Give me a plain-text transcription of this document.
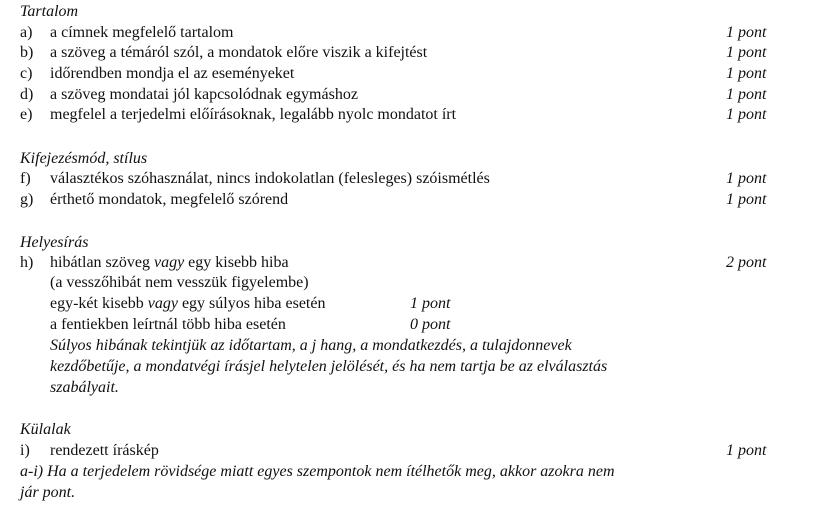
Tartalom
a) a címnek megfelelő tartalom	1 pont
b) a szöveg a témáról szól, a mondatok előre viszik a kifejtést	1 pont
c) időrendben mondja el az eseményeket	1 pont
d) a szöveg mondatai jól kapcsolódnak egymáshoz	1 pont
e) megfelel a terjedelmi előírásoknak, legalább nyolc mondatot írt	1 pont
Kifejezésmód, stílus
f) választékos szóhasználat, nincs indokolatlan (felesleges) szóismétlés	1 pont
g) érthető mondatok, megfelelő szórend	1 pont
Helyesírás
h) hibátlan szöveg vagy egy kisebb hiba	2 pont
(a vesszőhibát nem vesszük figyelembe)
egy-két kisebb vagy egy súlyos hiba esetén	1 pont
a fentiekben leírtnál több hiba esetén	0 pont
Súlyos hibának tekintjük az időtartam, a j hang, a mondatkezdés, a tulajdonnevek
kezdőbetűje, a mondatvégi írásjel helytelen jelölését, és ha nem tartja be az elválasztás
szabályait.
Külalak
i) rendezett íráskép	1 pont
a-i) Ha a terjedelem rövidsége miatt egyes szempontok nem ítélhetők meg, akkor azokra nem
jár pont.
